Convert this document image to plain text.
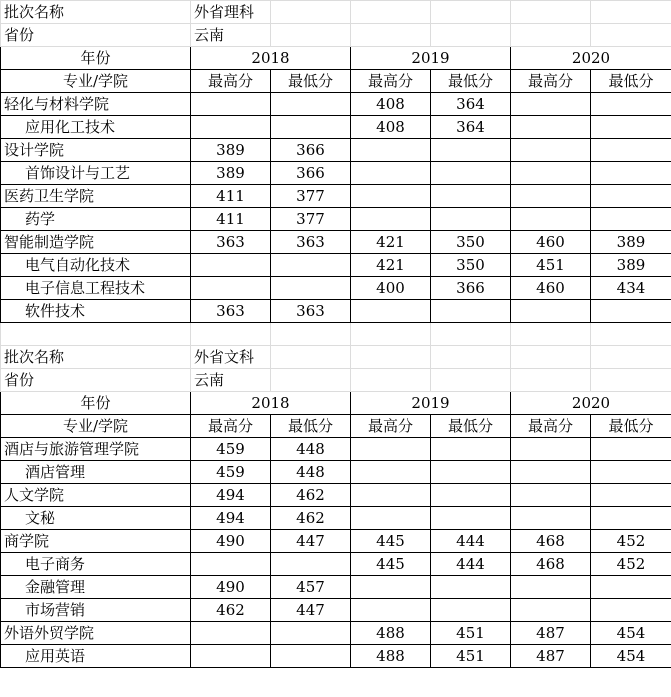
批次名称	外省理科					
省份	云南					
年份	2018		2019		2020	
专业/学院	最高分	最低分	最高分	最低分	最高分	最低分
轻化与材料学院			408	364		
应用化工技术			408	364		
设计学院	389	366				
首饰设计与工艺	389	366				
医药卫生学院	411	377				
药学	411	377				
智能制造学院	363	363	421	350	460	389
电气自动化技术			421	350	451	389
电子信息工程技术			400	366	460	434
软件技术	363	363				

批次名称	外省文科					
省份	云南					
年份	2018		2019		2020	
专业/学院	最高分	最低分	最高分	最低分	最高分	最低分
酒店与旅游管理学院	459	448				
酒店管理	459	448				
人文学院	494	462				
文秘	494	462				
商学院	490	447	445	444	468	452
电子商务			445	444	468	452
金融管理	490	457				
市场营销	462	447				
外语外贸学院			488	451	487	454
应用英语			488	451	487	454
